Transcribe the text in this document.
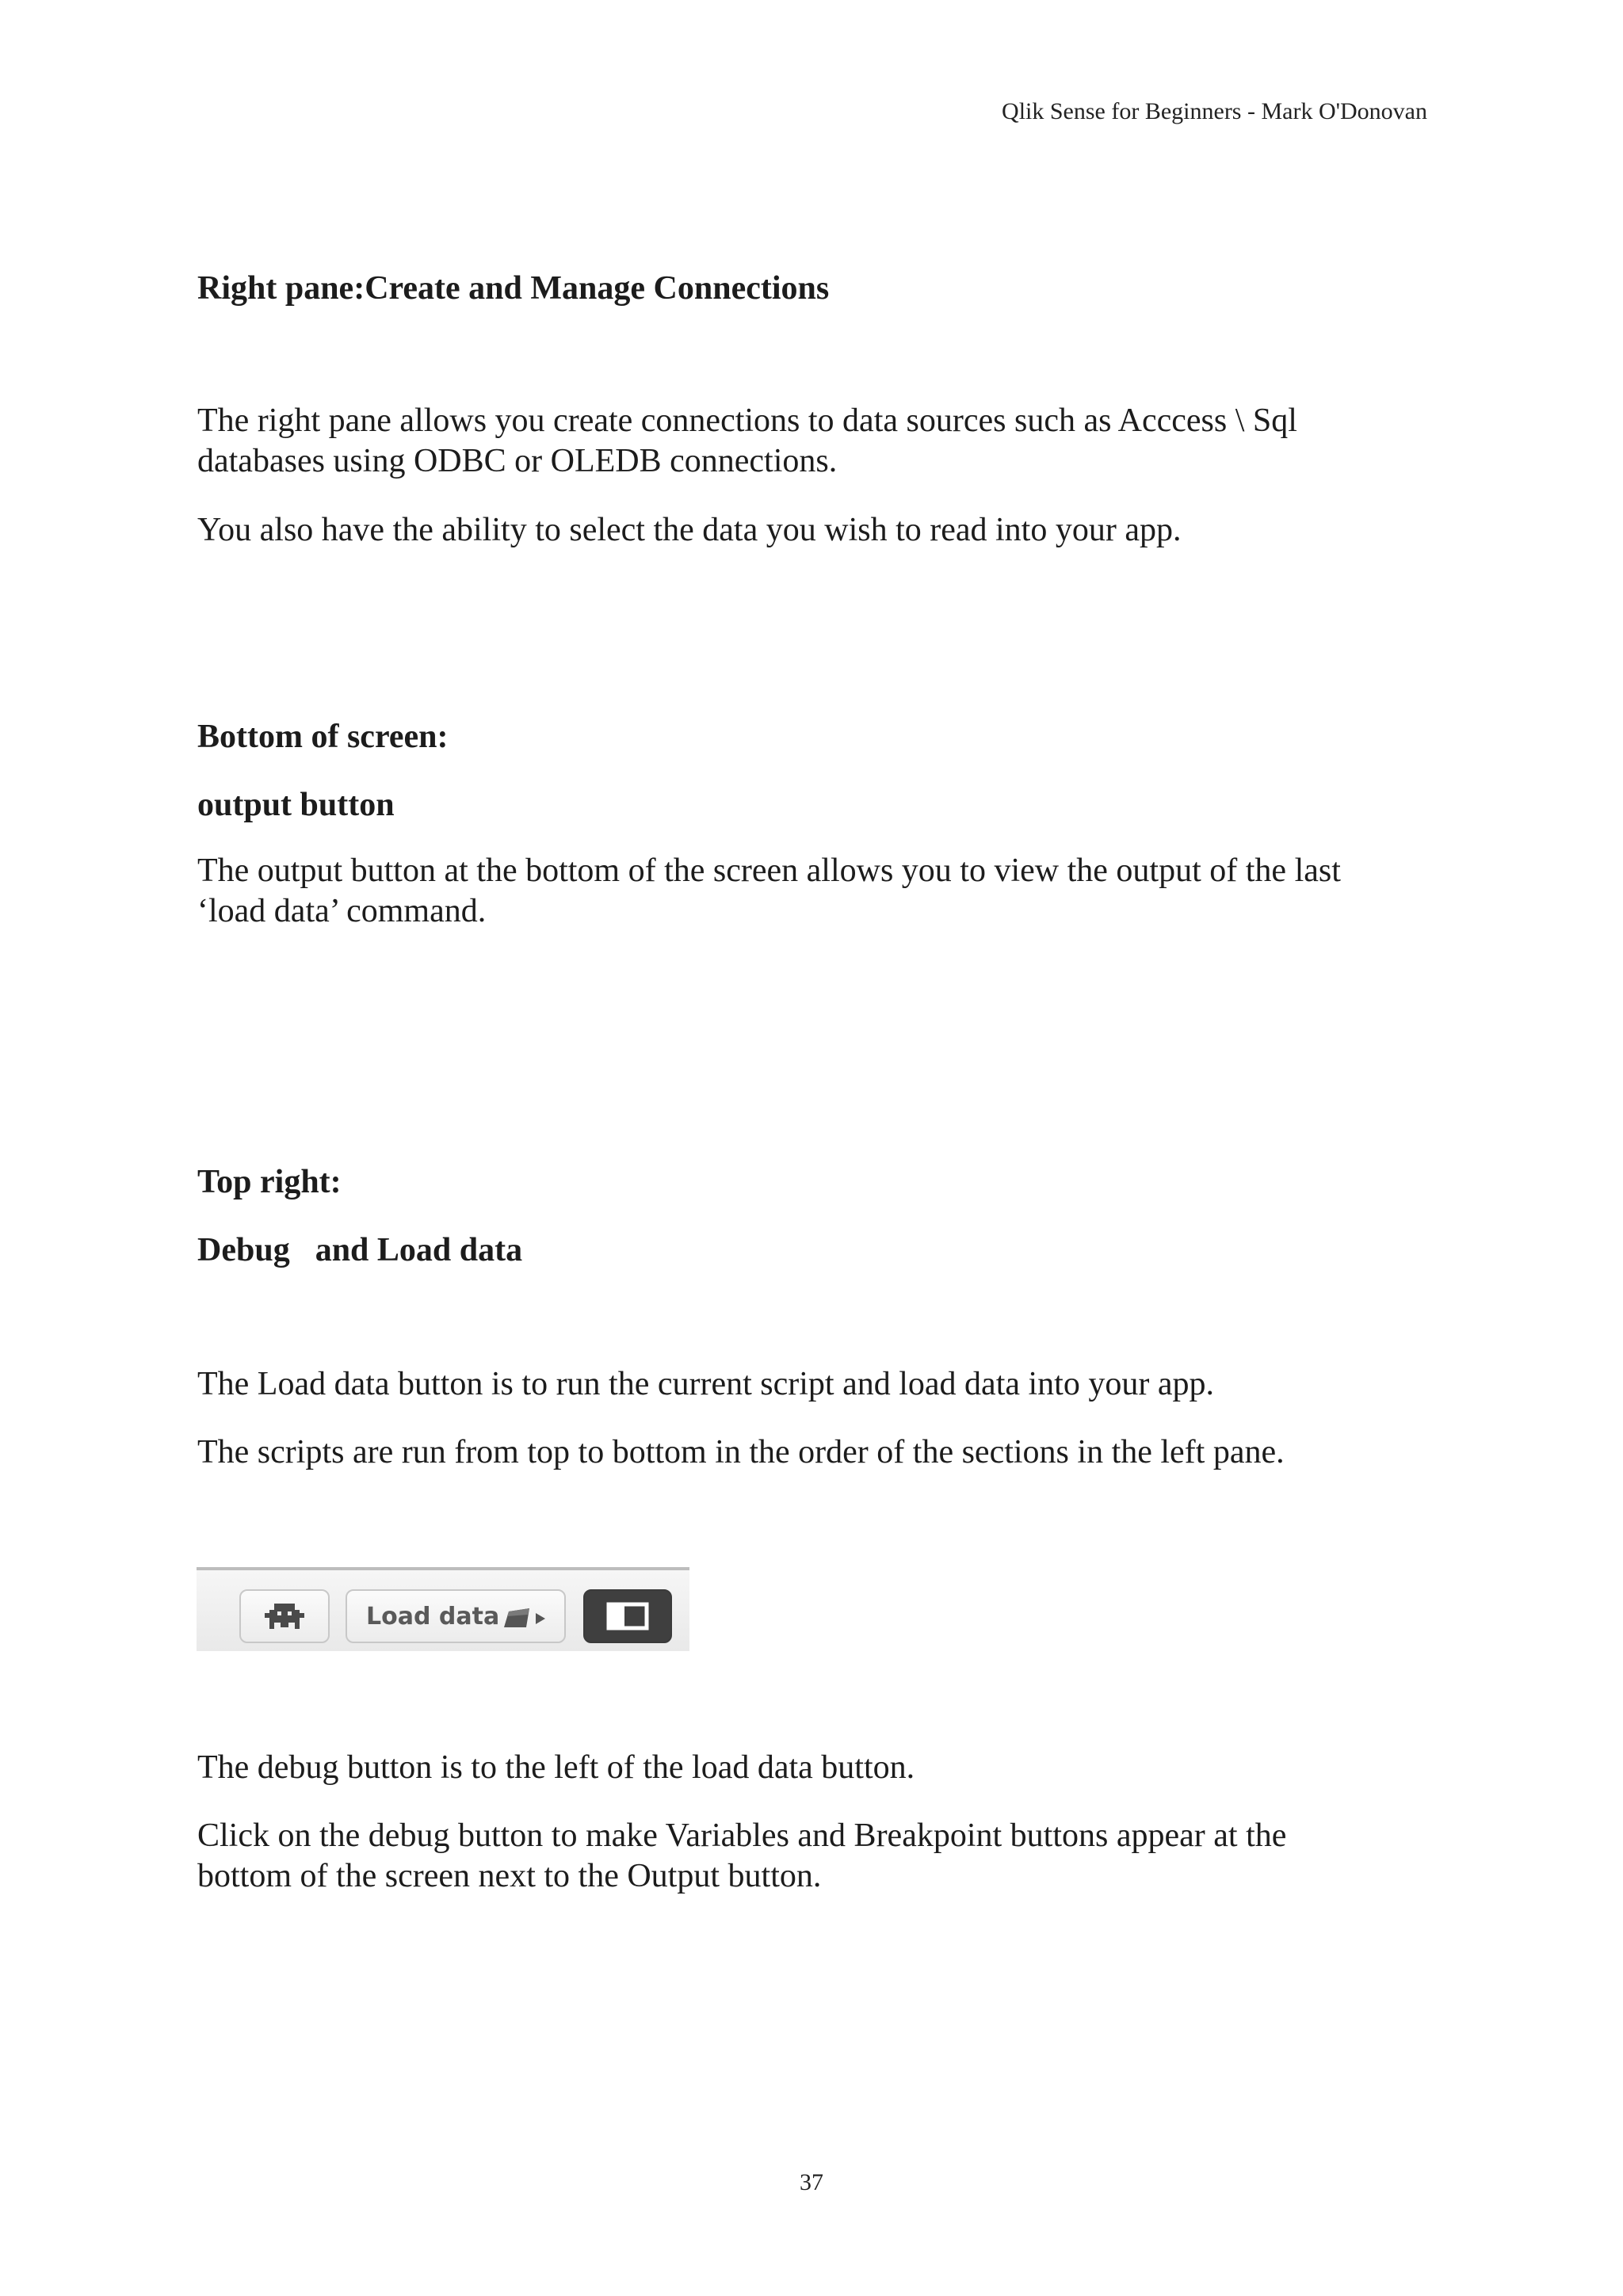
Qlik Sense for Beginners - Mark O'Donovan
Right pane:Create and Manage Connections
The right pane allows you create connections to data sources such as Acccess \ Sql
databases using ODBC or OLEDB connections.
You also have the ability to select the data you wish to read into your app.
Bottom of screen:
output button
The output button at the bottom of the screen allows you to view the output of the last
‘load data’ command.
Top right:
Debug and Load data
The Load data button is to run the current script and load data into your app.
The scripts are run from top to bottom in the order of the sections in the left pane.
The debug button is to the left of the load data button.
Click on the debug button to make Variables and Breakpoint buttons appear at the
bottom of the screen next to the Output button.
Load data
37
